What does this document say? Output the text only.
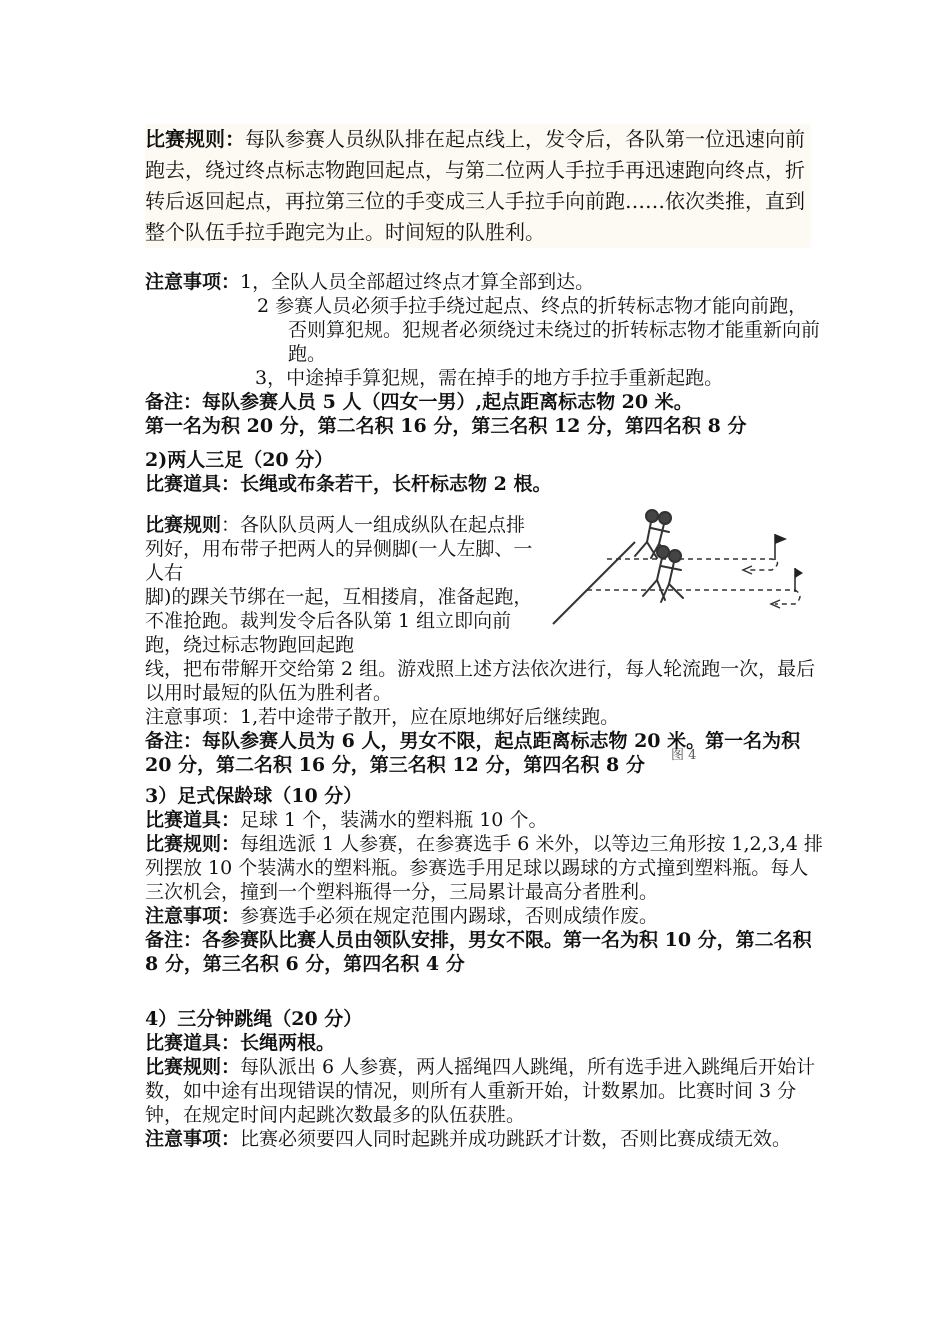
比赛规则：每队参赛人员纵队排在起点线上，发令后，各队第一位迅速向前跑去，绕过终点标志物跑回起点，与第二位两人手拉手再迅速跑向终点，折转后返回起点，再拉第三位的手变成三人手拉手向前跑……依次类推，直到整个队伍手拉手跑完为止。时间短的队胜利。

注意事项：1，全队人员全部超过终点才算全部到达。

2 参赛人员必须手拉手绕过起点、终点的折转标志物才能向前跑，否则算犯规。犯规者必须绕过未绕过的折转标志物才能重新向前跑。

3，中途掉手算犯规，需在掉手的地方手拉手重新起跑。

备注：每队参赛人员 5 人（四女一男）,起点距离标志物 20 米。

第一名为积 20 分，第二名积 16 分，第三名积 12 分，第四名积 8 分

2)两人三足（20 分）
比赛道具：长绳或布条若干，长杆标志物 2 根。

比赛规则：各队队员两人一组成纵队在起点排列好，用布带子把两人的异侧脚(一人左脚、一人右

脚)的踝关节绑在一起，互相搂肩，准备起跑，不准抢跑。裁判发令后各队第 1 组立即向前跑，绕过标志物跑回起跑

图 4

线，把布带解开交给第 2 组。游戏照上述方法依次进行，每人轮流跑一次，最后以用时最短的队伍为胜利者。

注意事项：1,若中途带子散开，应在原地绑好后继续跑。

备注：每队参赛人员为 6 人，男女不限，起点距离标志物 20 米。第一名为积 20 分，第二名积 16 分，第三名积 12 分，第四名积 8 分

3）足式保龄球（10 分）

比赛道具：足球 1 个，装满水的塑料瓶 10 个。

比赛规则：每组选派 1 人参赛，在参赛选手 6 米外，以等边三角形按 1,2,3,4 排列摆放 10 个装满水的塑料瓶。参赛选手用足球以踢球的方式撞到塑料瓶。每人三次机会，撞到一个塑料瓶得一分，三局累计最高分者胜利。

注意事项：参赛选手必须在规定范围内踢球，否则成绩作废。

备注：各参赛队比赛人员由领队安排，男女不限。第一名为积 10 分，第二名积 8 分，第三名积 6 分，第四名积 4 分

4）三分钟跳绳（20 分）

比赛道具：长绳两根。

比赛规则：每队派出 6 人参赛，两人摇绳四人跳绳，所有选手进入跳绳后开始计数，如中途有出现错误的情况，则所有人重新开始，计数累加。比赛时间 3 分钟，在规定时间内起跳次数最多的队伍获胜。

注意事项：比赛必须要四人同时起跳并成功跳跃才计数，否则比赛成绩无效。
